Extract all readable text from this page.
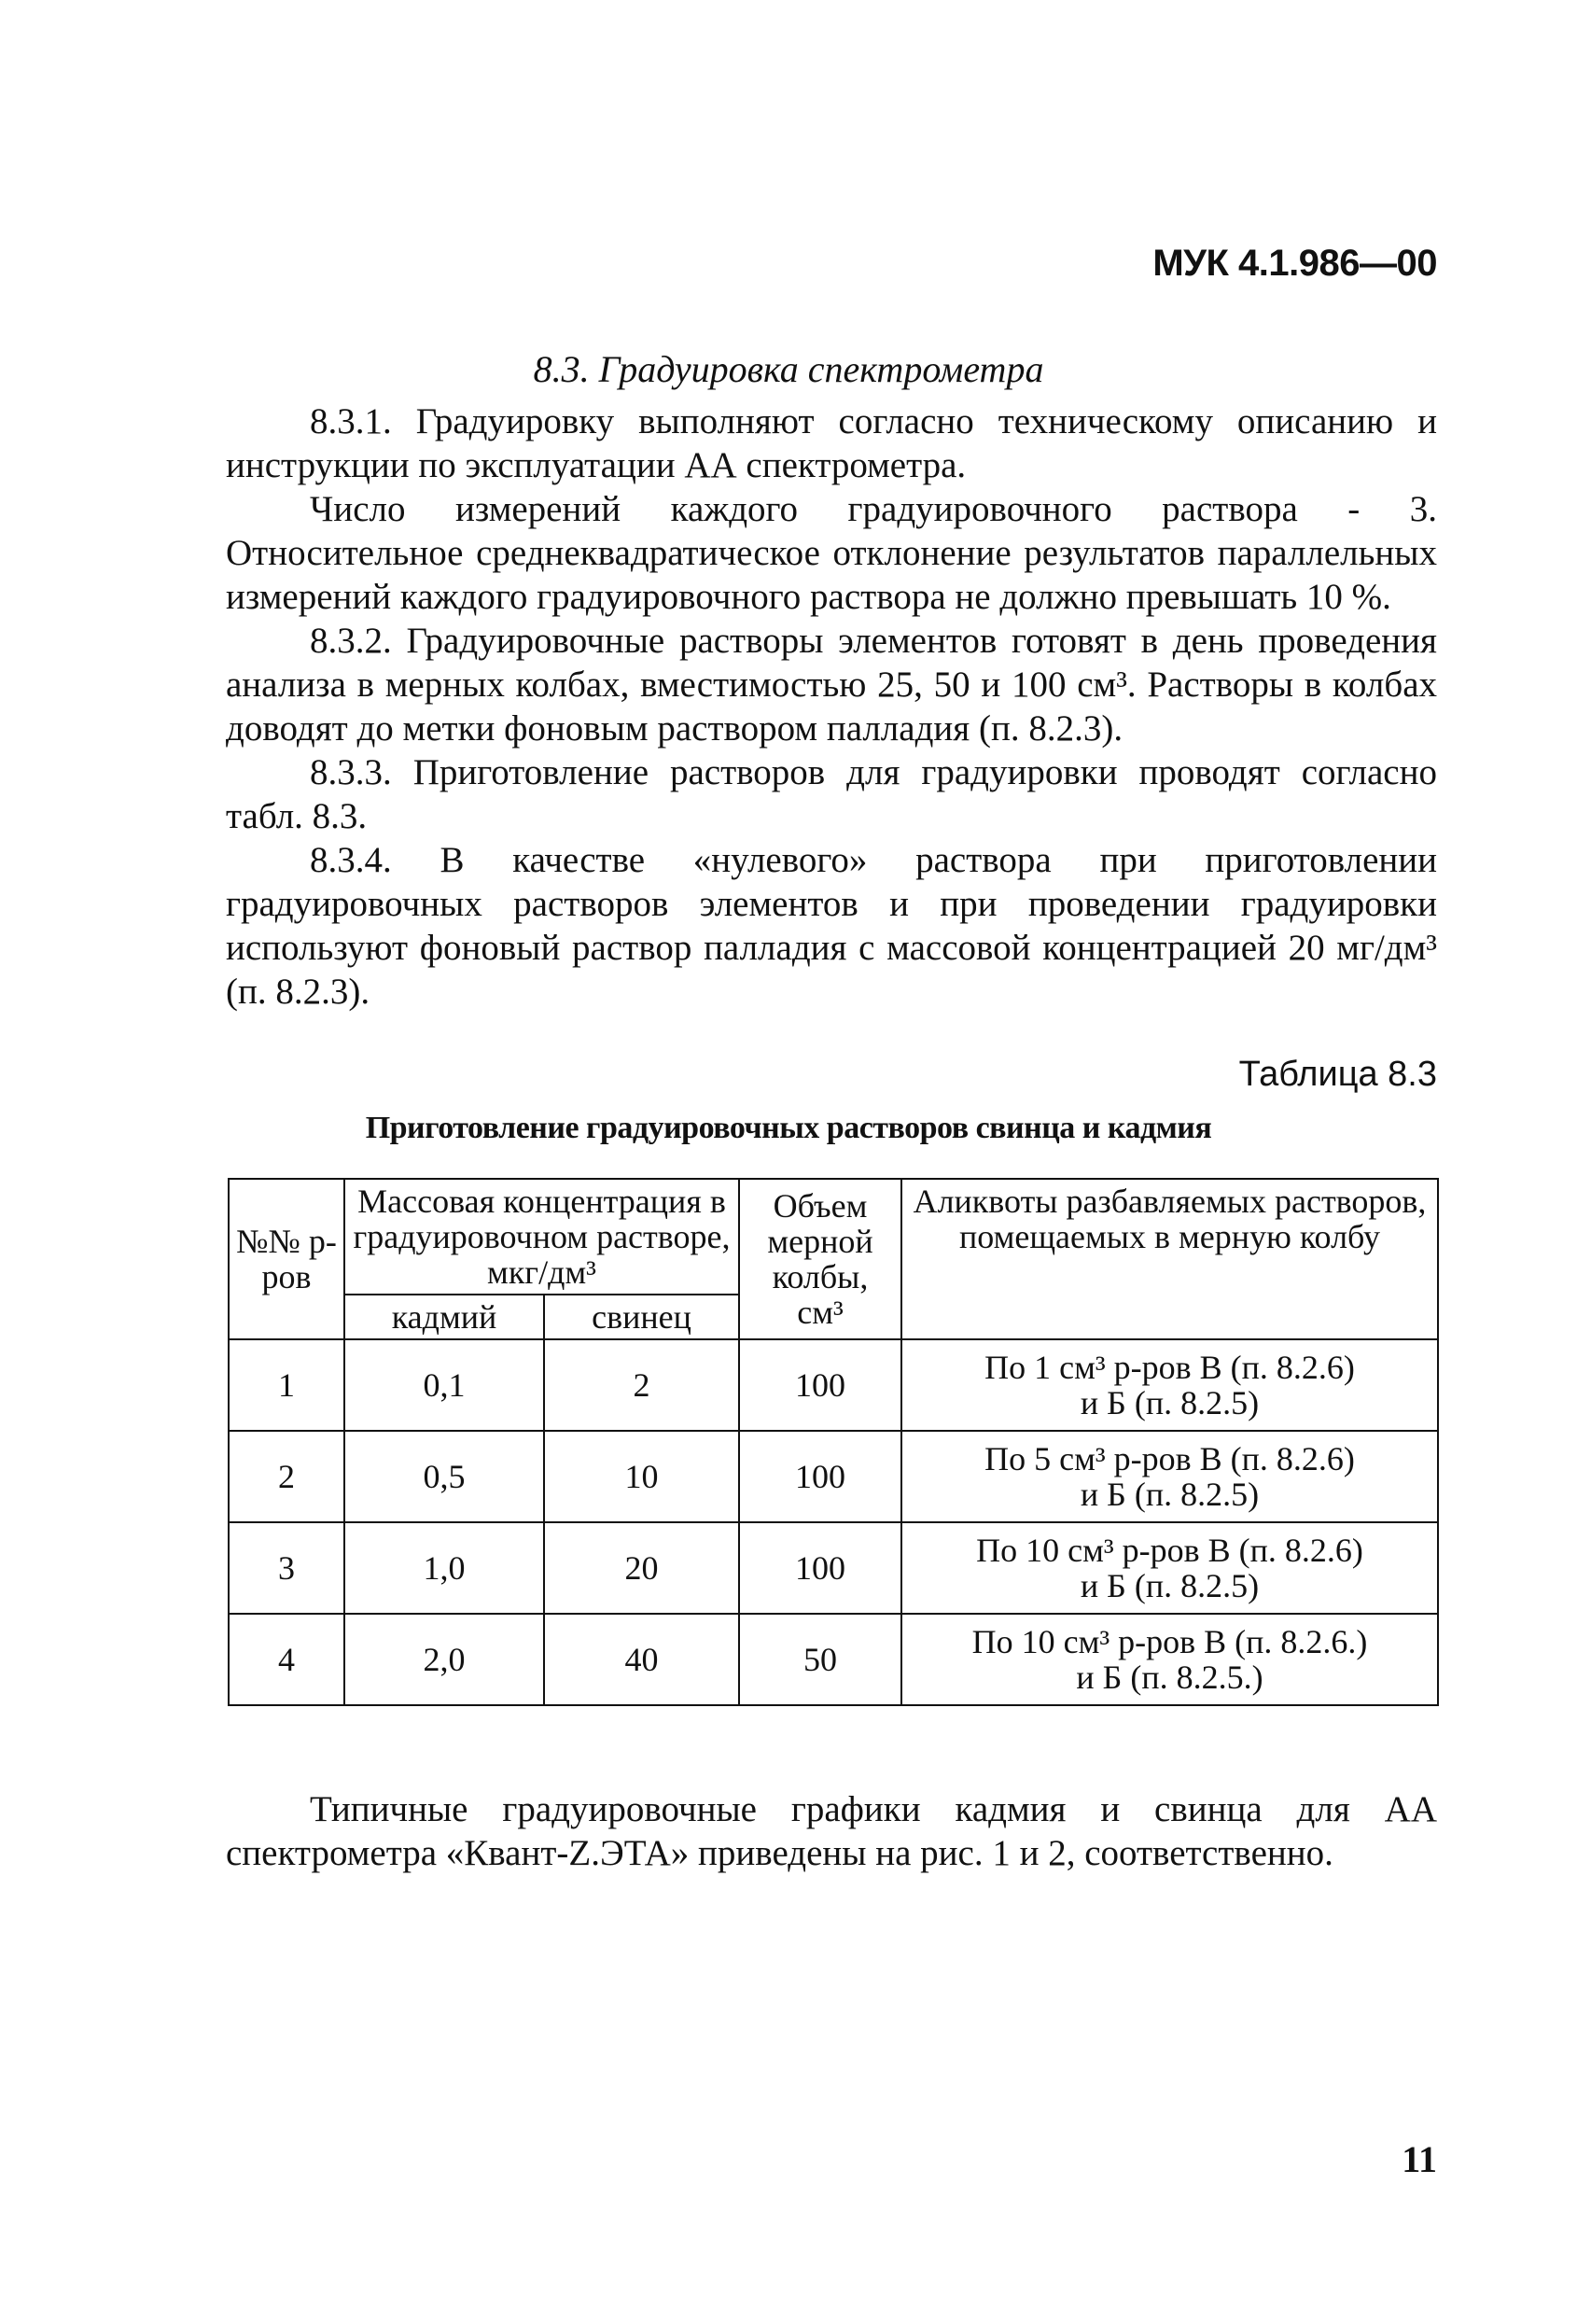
МУК 4.1.986—00
8.3. Градуировка спектрометра

8.3.1. Градуировку выполняют согласно техническому описанию и инструкции по эксплуатации АА спектрометра.

Число измерений каждого градуировочного раствора - 3. Относительное среднеквадратическое отклонение результатов параллельных измерений каждого градуировочного раствора не должно превышать 10 %.

8.3.2. Градуировочные растворы элементов готовят в день проведения анализа в мерных колбах, вместимостью 25, 50 и 100 см³. Растворы в колбах доводят до метки фоновым раствором палладия (п. 8.2.3).

8.3.3. Приготовление растворов для градуировки проводят согласно табл. 8.3.

8.3.4. В качестве «нулевого» раствора при приготовлении градуировочных растворов элементов и при проведении градуировки используют фоновый раствор палладия с массовой концентрацией 20 мг/дм³ (п. 8.2.3).

Таблица 8.3
Приготовление градуировочных растворов свинца и кадмия
№№ р-ров	Массовая концентрация в градуировочном растворе, мкг/дм³		Объем мерной колбы, см³	Аликвоты разбавляемых растворов, помещаемых в мерную колбу
	кадмий	свинец		
1	0,1	2	100	По 1 см³ р-ров В (п. 8.2.6)
и Б (п. 8.2.5)

2	0,5	10	100	По 5 см³ р-ров В (п. 8.2.6)
и Б (п. 8.2.5)

3	1,0	20	100	По 10 см³ р-ров В (п. 8.2.6)
и Б (п. 8.2.5)

4	2,0	40	50	По 10 см³ р-ров В (п. 8.2.6.)
и Б (п. 8.2.5.)

Типичные градуировочные графики кадмия и свинца для АА спектрометра «Квант-Z.ЭТА» приведены на рис. 1 и 2, соответственно.

11
